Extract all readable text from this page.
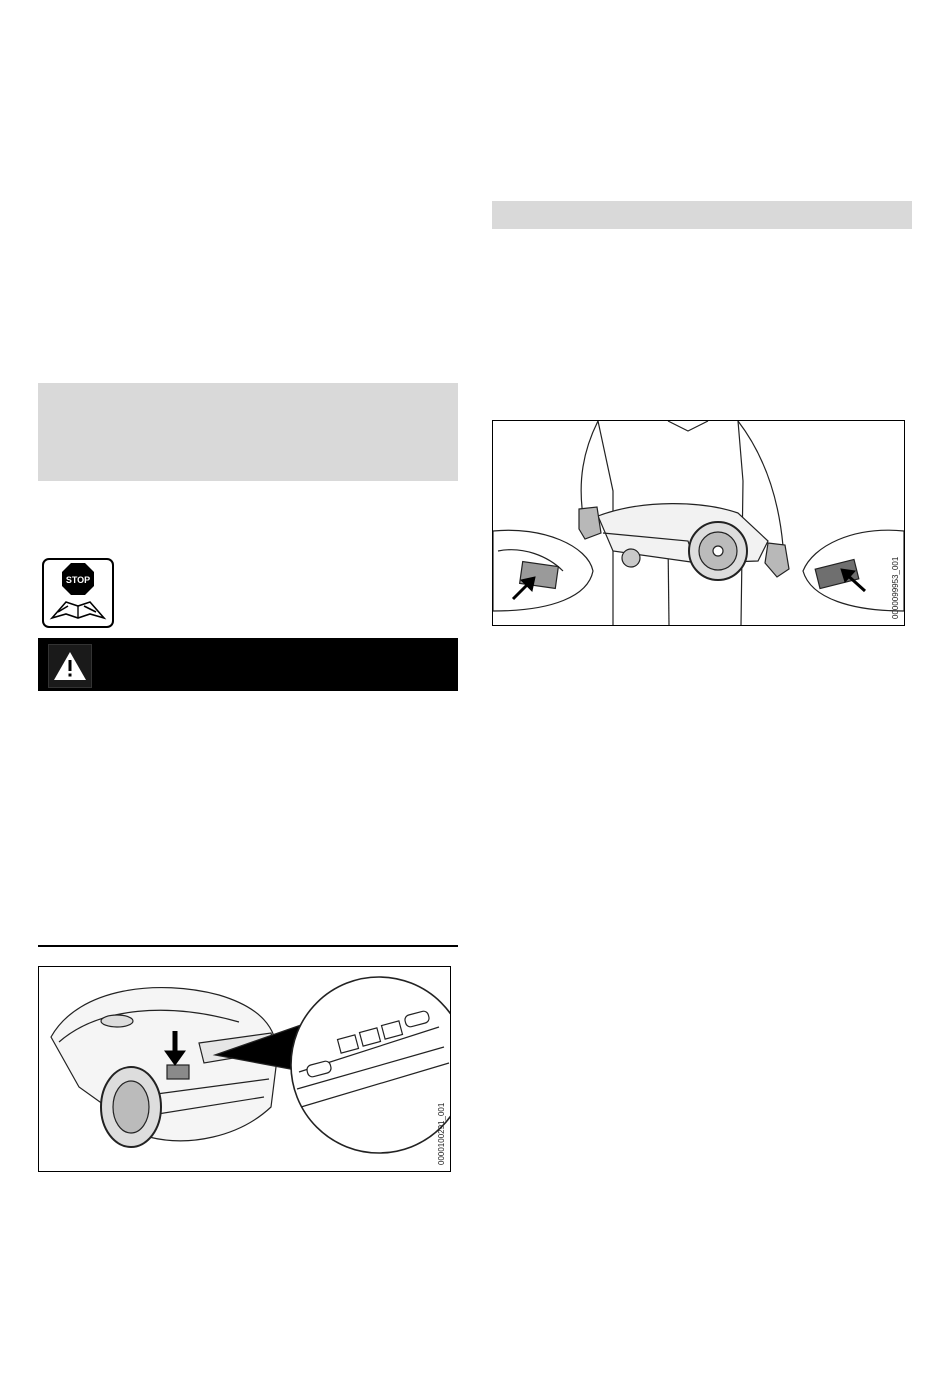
STOP	0000099953_001
0000100291_001
